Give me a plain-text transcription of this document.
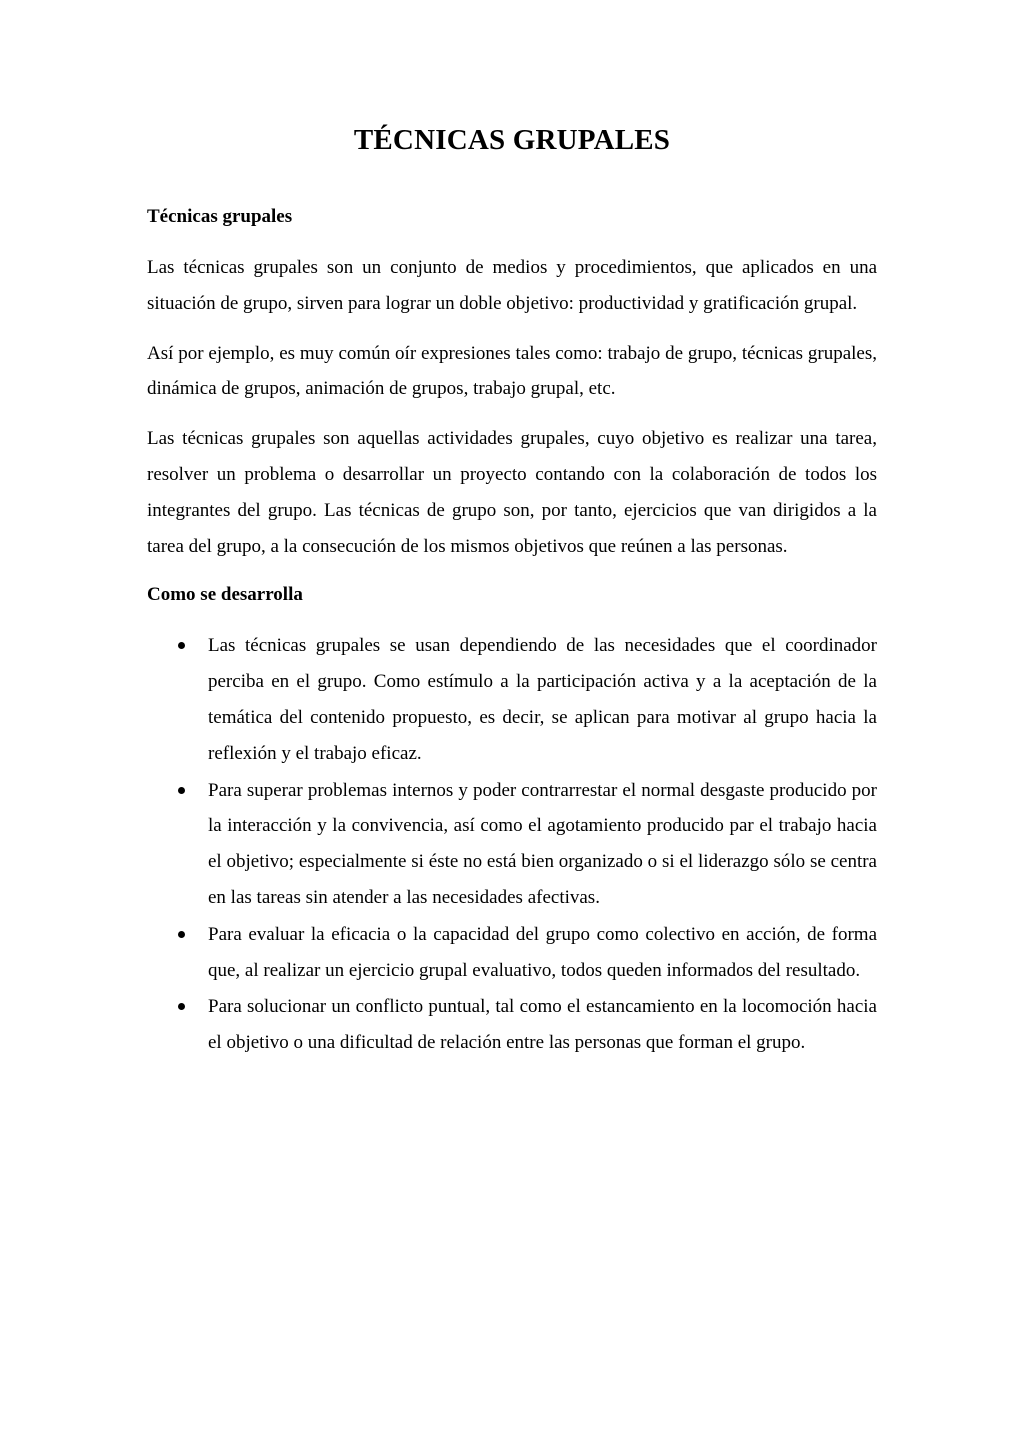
TÉCNICAS GRUPALES
Técnicas grupales

Las técnicas grupales son un conjunto de medios y procedimientos, que aplicados en una situación de grupo, sirven para lograr un doble objetivo: productividad y gratificación grupal.

Así por ejemplo, es muy común oír expresiones tales como: trabajo de grupo, técnicas grupales, dinámica de grupos, animación de grupos, trabajo grupal, etc.

Las técnicas grupales son aquellas actividades grupales, cuyo objetivo es realizar una tarea, resolver un problema o desarrollar un proyecto contando con la colaboración de todos los integrantes del grupo. Las técnicas de grupo son, por tanto, ejercicios que van dirigidos a la tarea del grupo, a la consecución de los mismos objetivos que reúnen a las personas.

Como se desarrolla
Las técnicas grupales se usan dependiendo de las necesidades que el coordinador perciba en el grupo. Como estímulo a la participación activa y a la aceptación de la temática del contenido propuesto, es decir, se aplican para motivar al grupo hacia la reflexión y el trabajo eficaz.
Para superar problemas internos y poder contrarrestar el normal desgaste producido por la interacción y la convivencia, así como el agotamiento producido par el trabajo hacia el objetivo; especialmente si éste no está bien organizado o si el liderazgo sólo se centra en las tareas sin atender a las necesidades afectivas.
Para evaluar la eficacia o la capacidad del grupo como colectivo en acción, de forma que, al realizar un ejercicio grupal evaluativo, todos queden informados del resultado.
Para solucionar un conflicto puntual, tal como el estancamiento en la locomoción hacia el objetivo o una dificultad de relación entre las personas que forman el grupo.
